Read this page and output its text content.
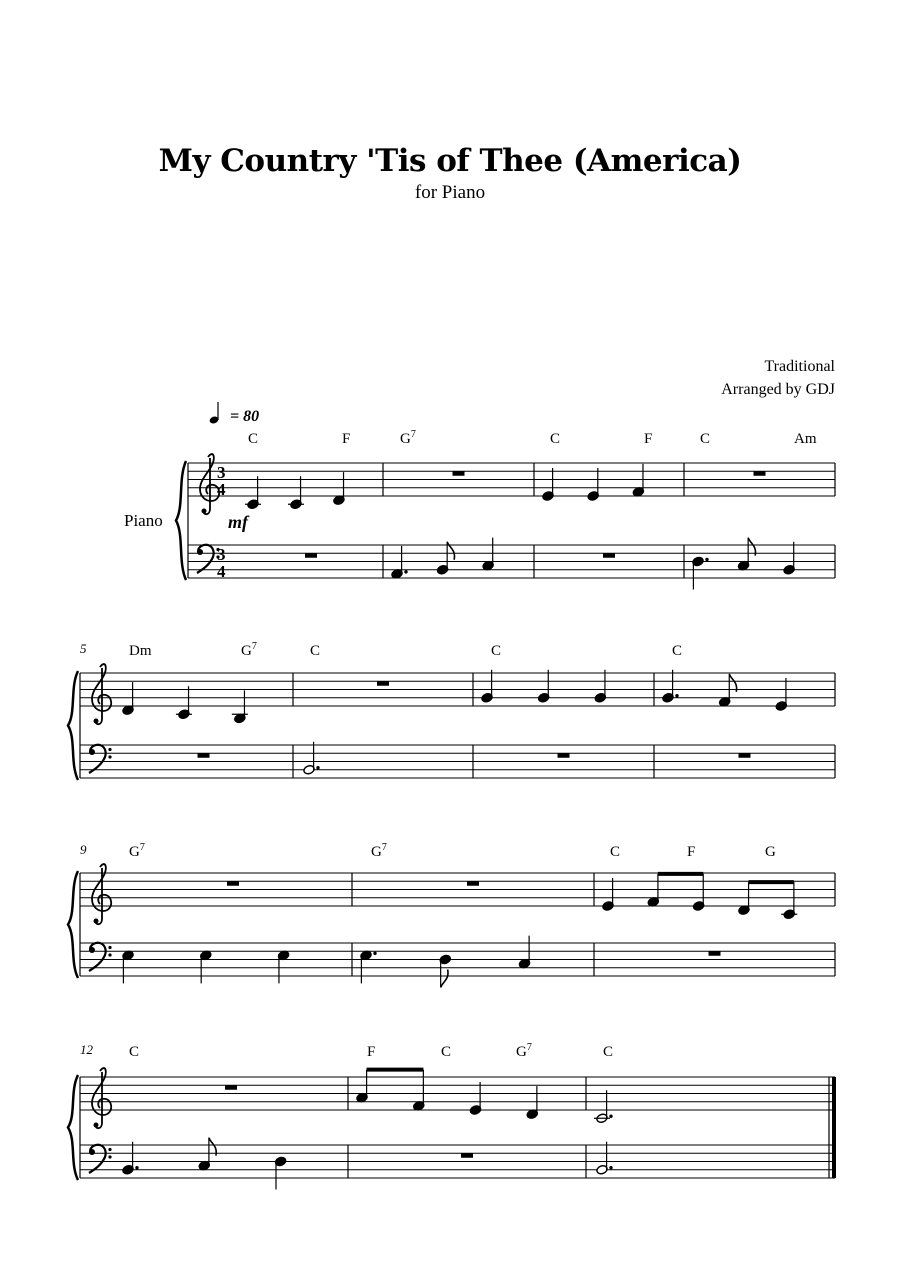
My Country 'Tis of Thee (America)
for Piano
Traditional
Arranged by GDJ
3
4
3
4
Piano	mf
= 80
C	F	$G^7$	C	F	C	Am
5	Dm	$G^7$	C	C	C
9	$G^7$	$G^7$	C	F	G
12 C	F	C	$G^7$	C
